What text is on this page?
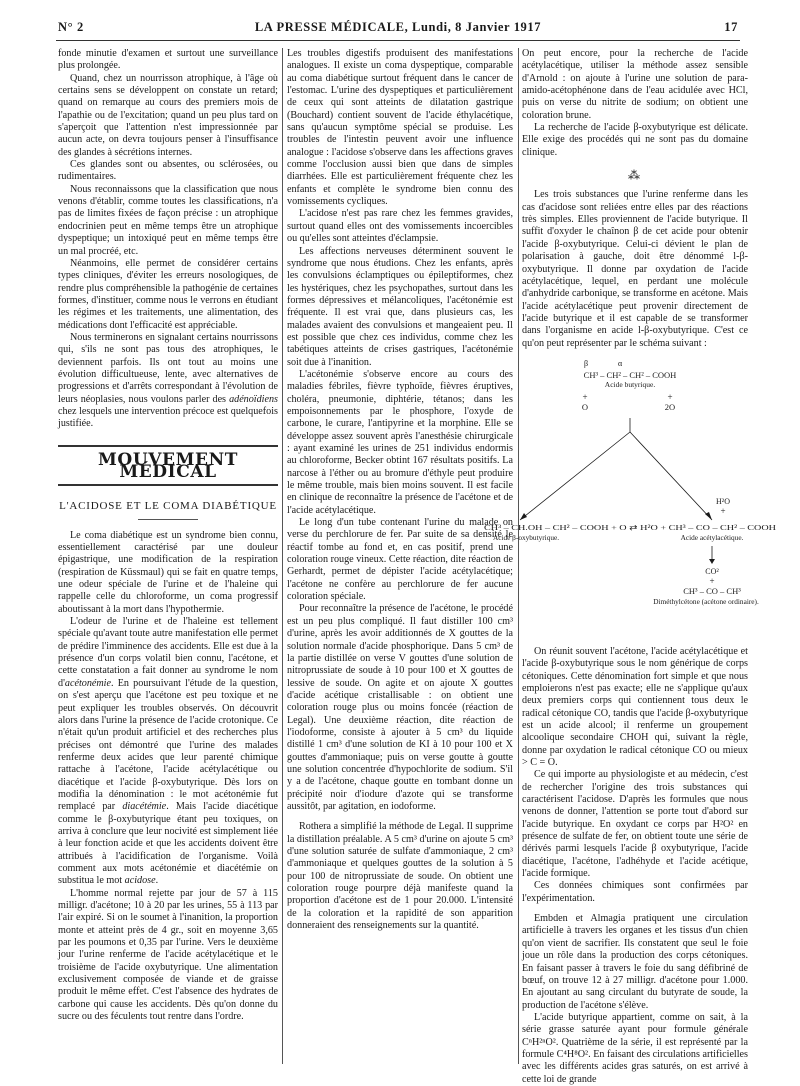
N° 2	LA PRESSE MÉDICALE, Lundi, 8 Janvier 1917	17

fonde minutie d'examen et surtout une surveillance plus prolongée.

Quand, chez un nourrisson atrophique, à l'âge où certains sens se développent on constate un retard; quand on remarque au cours des premiers mois de l'apathie ou de l'excitation; quand un peu plus tard on s'aperçoit que l'attention n'est impressionnée par aucun acte, on devra toujours penser à l'insuffisance des glandes à sécrétions internes.

Ces glandes sont ou absentes, ou sclérosées, ou rudimentaires.

Nous reconnaissons que la classification que nous venons d'établir, comme toutes les classifications, n'a pas de limites fixées de façon précise : un atrophique endocrinien peut en même temps être un atrophique dyspeptique; un intoxiqué peut en même temps être un mal procréé, etc.

Néanmoins, elle permet de considérer certains types cliniques, d'éviter les erreurs nosologiques, de rendre plus compréhensible la pathogénie de certaines formes, d'instituer, comme nous le verrons en étudiant les régimes et les traitements, une alimentation, des médications dont l'efficacité est appréciable.

Nous terminerons en signalant certains nourrissons qui, s'ils ne sont pas tous des atrophiques, le deviennent parfois. Ils ont tout au moins une évolution difficultueuse, lente, avec alternatives de progressions et d'arrêts correspondant à l'évolution de leurs néoplasies, nous voulons parler des adénoïdiens chez lesquels une intervention précoce est quelquefois justifiée.

MOUVEMENT MÉDICAL
L'ACIDOSE ET LE COMA DIABÉTIQUE

Le coma diabétique est un syndrome bien connu, essentiellement caractérisé par une douleur épigastrique, une modification de la respiration (respiration de Küssmaul) qui se fait en quatre temps, une odeur spéciale de l'urine et de l'haleine qui rappelle celle du chloroforme, un coma progressif aboutissant à la mort dans l'hypothermie.

L'odeur de l'urine et de l'haleine est tellement spéciale qu'avant toute autre manifestation elle permet de prédire l'imminence des accidents. Elle est due à la présence d'un corps volatil bien connu, l'acétone, et cette constatation a fait donner au syndrome le nom d'acétonémie. En poursuivant l'étude de la question, on s'est aperçu que l'acétone est peu toxique et ne peut expliquer les troubles observés. On découvrit alors dans l'urine la présence de l'acide crotonique. Ce n'était qu'un produit artificiel et des recherches plus précises ont démontré que l'urine des malades renferme deux acides que leur parenté chimique rattache à l'acétone, l'acide acétylacétique ou diacétique et l'acide β-oxybutyrique. Dès lors on modifia la dénomination : le mot acétonémie fut remplacé par diacétémie. Mais l'acide diacétique comme le β-oxybutyrique étant peu toxiques, on arriva à conclure que leur nocivité est simplement liée à leur fonction acide et que les accidents doivent être attribués à l'acidification de l'organisme. Voilà comment aux mots acétonémie et diacétémie on substitua le mot acidose.

L'homme normal rejette par jour de 57 à 115 milligr. d'acétone; 10 à 20 par les urines, 55 à 113 par l'air expiré. Si on le soumet à l'inanition, la proportion monte et atteint près de 4 gr., soit en moyenne 3,65 par les poumons et 0,35 par l'urine. Vers le deuxième jour l'urine renferme de l'acide acétylacétique et le troisième de l'acide oxybutyrique. Une alimentation exclusivement composée de viande et de graisse produit le même effet. C'est l'absence des hydrates de carbone qui cause les accidents. Dès qu'on donne du sucre ou des féculents tout rentre dans l'ordre.

Les troubles digestifs produisent des manifestations analogues. Il existe un coma dyspeptique, comparable au coma diabétique surtout fréquent dans le cancer de l'estomac. L'urine des dyspeptiques et particulièrement de ceux qui sont atteints de dilatation gastrique (Bouchard) contient souvent de l'acide éthylacétique, sans qu'aucun symptôme spécial se produise. Les troubles de l'intestin peuvent avoir une influence analogue : l'acidose s'observe dans les affections graves comme l'occlusion aussi bien que dans de simples diarrhées. Elle est particulièrement fréquente chez les enfants et complète le syndrome bien connu des vomissements cycliques.

L'acidose n'est pas rare chez les femmes gravides, surtout quand elles ont des vomissements incoercibles ou qu'elles sont atteintes d'éclampsie.

Les affections nerveuses déterminent souvent le syndrome que nous étudions. Chez les enfants, après les convulsions éclamptiques ou épileptiformes, chez les hystériques, chez les psychopathes, surtout dans les formes dépressives et mélancoliques, l'acétonémie est fréquente. Il est vrai que, dans plusieurs cas, les malades avaient des convulsions et mangeaient peu. Il est possible que chez ces individus, comme chez les tabétiques atteints de crises gastriques, l'acétonémie soit due à l'inanition.

L'acétonémie s'observe encore au cours des maladies fébriles, fièvre typhoïde, fièvres éruptives, choléra, pneumonie, diphtérie, tétanos; dans les empoisonnements par le phosphore, l'oxyde de carbone, le curare, l'antipyrine et la morphine. Elle se développe assez souvent après l'anesthésie chirurgicale : ayant examiné les urines de 251 individus endormis au chloroforme, Becker obtint 167 résultats positifs. La narcose à l'éther ou au bromure d'éthyle peut produire le même trouble, mais bien moins souvent. Il est facile en clinique de reconnaître la présence de l'acétone et de l'acide acétylacétique.

Le long d'un tube contenant l'urine du malade on verse du perchlorure de fer. Par suite de sa densité le réactif tombe au fond et, en cas positif, prend une coloration rouge vineux. Cette réaction, dite réaction de Gerhardt, permet de dépister l'acide acétylacétique; l'acétone ne confère au perchlorure de fer aucune coloration spéciale.

Pour reconnaître la présence de l'acétone, le procédé est un peu plus compliqué. Il faut distiller 100 cm³ d'urine, après les avoir additionnés de X gouttes de la solution normale d'acide phosphorique. Dans 5 cm³ de la partie distillée on verse V gouttes d'une solution de nitroprussiate de soude à 10 pour 100 et X gouttes de lessive de soude. On agite et on ajoute X gouttes d'acide acétique cristallisable : on obtient une coloration rouge plus ou moins foncée (réaction de Legal). Une deuxième réaction, dite réaction de l'iodoforme, consiste à ajouter à 5 cm³ du liquide distillé 1 cm³ d'une solution de KI à 10 pour 100 et X gouttes d'ammoniaque; puis on verse goutte à goutte une solution concentrée d'hypochlorite de sodium. S'il y a de l'acétone, chaque goutte en tombant donne un précipité noir d'iodure d'azote qui se transforme aussitôt, par agitation, en iodoforme.

Rothera a simplifié la méthode de Legal. Il supprime la distillation préalable. A 5 cm³ d'urine on ajoute 5 cm³ d'une solution saturée de sulfate d'ammoniaque, 2 cm³ d'ammoniaque et quelques gouttes de la solution à 5 pour 100 de nitroprussiate de soude. On obtient une coloration rouge pourpre déjà manifeste quand la proportion d'acétone est de 1 pour 20.000. L'intensité de la coloration et la rapidité de son apparition donneraient des renseignements sur la quantité.

On peut encore, pour la recherche de l'acide acétylacétique, utiliser la méthode assez sensible d'Arnold : on ajoute à l'urine une solution de para-amido-acétophénone dans de l'eau acidulée avec HCl, puis on verse du nitrite de sodium; on obtient une coloration brune.

La recherche de l'acide β-oxybutyrique est délicate. Elle exige des procédés qui ne sont pas du domaine clinique.

⁂

Les trois substances que l'urine renferme dans les cas d'acidose sont reliées entre elles par des réactions très simples. Elles proviennent de l'acide butyrique. Il suffit d'oxyder le chaînon β de cet acide pour obtenir l'acide β-oxybutyrique. Celui-ci dévient le plan de polarisation à gauche, doit être dénommé l-β-oxybutyrique. Il donne par oxydation de l'acide acétylacétique, lequel, en perdant une molécule d'anhydride carbonique, se transforme en acétone. Mais l'acide acétylacétique peut provenir directement de l'acide butyrique et il est capable de se transformer dans l'organisme en acide l-β-oxybutyrique. C'est ce qu'on peut représenter par le schéma suivant :

β	α
CH³ – CH² – CH² – COOH
Acide butyrique.
+
O
+
2O
H²O
+
CH³ – CH.OH – CH² – COOH + O ⇄ H²O + CH³ – CO – CH² – COOH
Acide β-oxybutyrique.	Acide acétylacétique.
CO²
+
CH³ – CO – CH³
Diméthylcétone (acétone ordinaire).

On réunit souvent l'acétone, l'acide acétylacétique et l'acide β-oxybutyrique sous le nom générique de corps cétoniques. Cette dénomination fort simple et que nous emploierons n'est pas exacte; elle ne s'applique qu'aux deux premiers corps qui contiennent tous deux le radical cétonique CO, tandis que l'acide β-oxybutyrique est un acide alcool; il renferme un groupement alcoolique secondaire CHOH qui, suivant la règle, donne par oxydation le radical cétonique CO ou mieux > C = O.

Ce qui importe au physiologiste et au médecin, c'est de rechercher l'origine des trois substances qui caractérisent l'acidose. D'après les formules que nous venons de donner, l'attention se porte tout d'abord sur l'acide butyrique. En oxydant ce corps par H²O² en présence de sulfate de fer, on obtient toute une série de dérivés parmi lesquels l'acide β oxybutyrique, l'acide diacétique, l'acétone, l'adhéhyde et l'acide acétique, l'acide formique.

Ces données chimiques sont confirmées par l'expérimentation.

Embden et Almagia pratiquent une circulation artificielle à travers les organes et les tissus d'un chien qu'on vient de sacrifier. Ils constatent que seul le foie joue un rôle dans la production des corps cétoniques. En faisant passer à travers le foie du sang défibriné de bœuf, on trouve 12 à 27 milligr. d'acétone pour 1.000. En ajoutant au sang circulant du butyrate de soude, la production de l'acétone s'élève.

L'acide butyrique appartient, comme on sait, à la série grasse saturée ayant pour formule générale CⁿH²ⁿO². Quatrième de la série, il est représenté par la formule C⁴H⁸O². En faisant des circulations artificielles avec les différents acides gras saturés, on est arrivé à cette loi de grande
